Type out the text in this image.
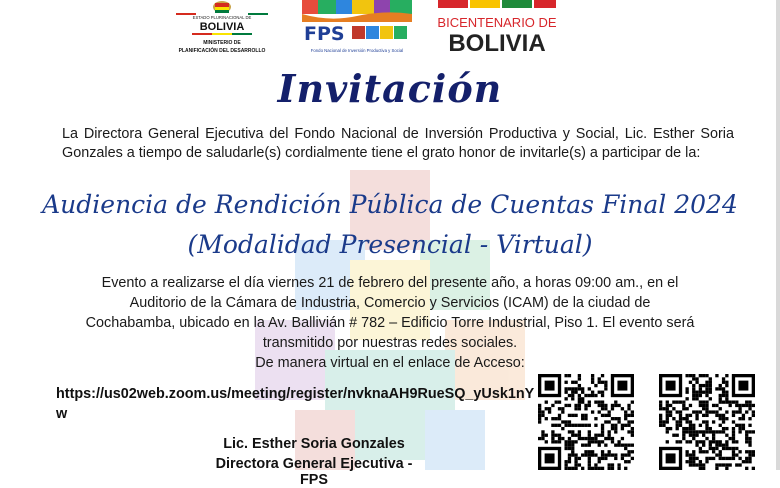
ESTADO PLURINACIONAL DE
BOLIVIA
MINISTERIO DE
PLANIFICACIÓN DEL DESARROLLO
FPS
Fondo Nacional de Inversión Productiva y Social
BICENTENARIO DE
BOLIVIA
Invitación
La Directora General Ejecutiva del Fondo Nacional de Inversión Productiva y Social, Lic. Esther Soria Gonzales a tiempo de saludarle(s) cordialmente tiene el grato honor de invitarle(s) a participar de la:
Audiencia de Rendición Pública de Cuentas Final 2024
(Modalidad Presencial - Virtual)
Evento a realizarse el día viernes 21 de febrero del presente año, a horas 09:00 am., en el
Auditorio de la Cámara de Industria, Comercio y Servicios (ICAM) de la ciudad de
Cochabamba, ubicado en la Av. Ballivián # 782 – Edificio Torre Industrial, Piso 1. El evento será
transmitido por nuestras redes sociales.
De manera virtual en el enlace de Acceso:
https://us02web.zoom.us/meeting/register/nvknaAH9RueSQ_yUsk1nYw
Lic. Esther Soria Gonzales
Directora General Ejecutiva - FPS
